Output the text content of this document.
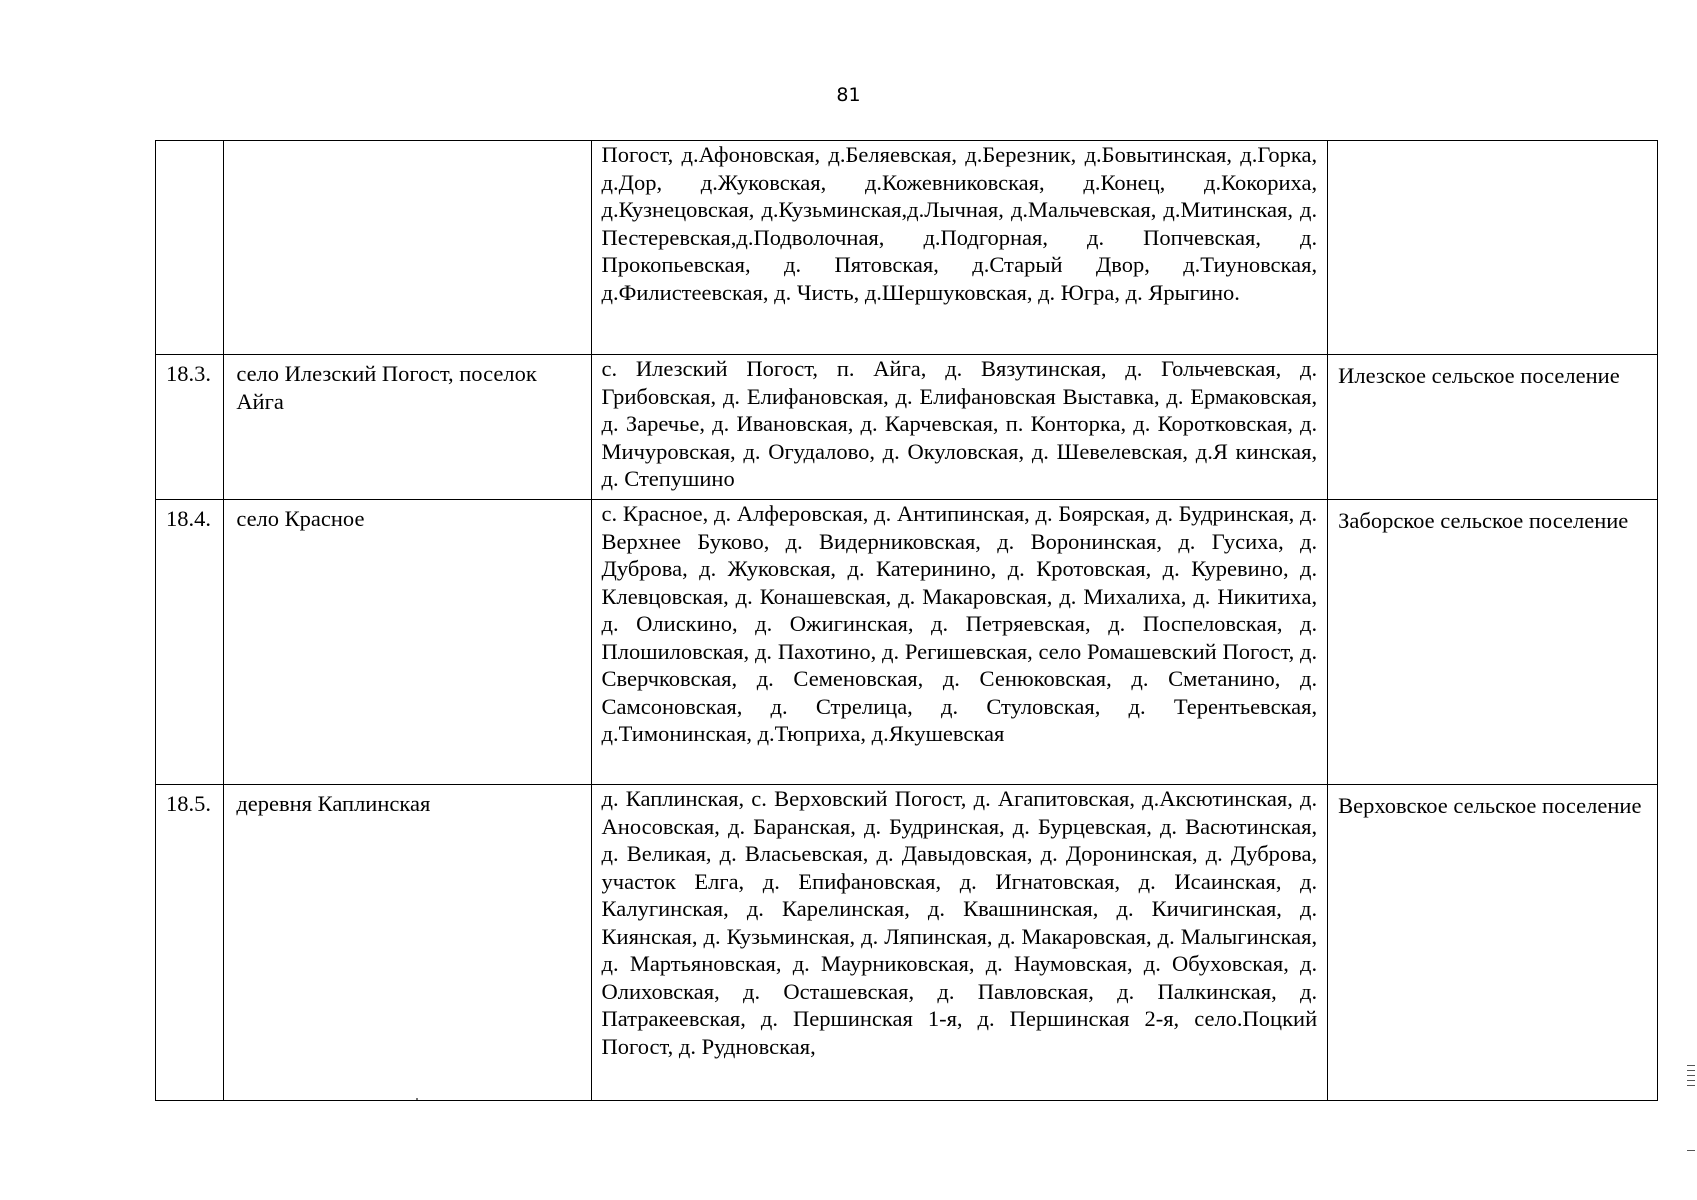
81
		Погост, д.Афоновская, д.Беляевская, д.Березник, д.Бовытинская, д.Горка, д.Дор, д.Жуковская, д.Кожевниковская, д.Конец, д.Кокориха, д.Кузнецовская, д.Кузьминская,д.Лычная, д.Мальчевская, д.Митинская, д. Пестеревская,д.Подволочная, д.Подгорная, д. Попчевская, д. Прокопьевская, д. Пятовская, д.Старый Двор, д.Тиуновская, д.Филистеевская, д. Чисть, д.Шершуковская, д. Югра, д. Ярыгино.	
18.3.	село Илезский Погост, поселок Айга	с. Илезский Погост, п. Айга, д. Вязутинская, д. Гольчевская, д. Грибовская, д. Елифановская, д. Елифановская Выставка, д. Ермаковская, д. Заречье, д. Ивановская, д. Карчевская, п. Конторка, д. Коротковская, д. Мичуровская, д. Огудалово, д. Окуловская, д. Шевелевская, д.Я кинская, д. Степушино	Илезское сельское поселение
18.4.	село Красное	с. Красное, д. Алферовская, д. Антипинская, д. Боярская, д. Будринская, д. Верхнее Буково, д. Видерниковская, д. Воронинская, д. Гусиха, д. Дуброва, д. Жуковская, д. Катеринино, д. Кротовская, д. Куревино, д. Клевцовская, д. Конашевская, д. Макаровская, д. Михалиха, д. Никитиха, д. Олискино, д. Ожигинская, д. Петряевская, д. Поспеловская, д. Плошиловская, д. Пахотино, д. Регишевская, село Ромашевский Погост, д. Сверчковская, д. Семеновская, д. Сенюковская, д. Сметанино, д. Самсоновская, д. Стрелица, д. Стуловская, д. Терентьевская, д.Тимонинская, д.Тюприха, д.Якушевская	Заборское сельское поселение
18.5.	деревня Каплинская	д. Каплинская, с. Верховский Погост, д. Агапитовская, д.Аксютинская, д. Аносовская, д. Баранская, д. Будринская, д. Бурцевская, д. Васютинская, д. Великая, д. Власьевская, д. Давыдовская, д. Доронинская, д. Дуброва, участок Елга, д. Епифановская, д. Игнатовская, д. Исаинская, д. Калугинская, д. Карелинская, д. Квашнинская, д. Кичигинская, д. Киянская, д. Кузьминская, д. Ляпинская, д. Макаровская, д. Малыгинская, д. Мартьяновская, д. Маурниковская, д. Наумовская, д. Обуховская, д. Олиховская, д. Осташевская, д. Павловская, д. Палкинская, д. Патракеевская, д. Першинская 1-я, д. Першинская 2-я, село.Поцкий Погост, д. Рудновская,	Верховское сельское поселение
